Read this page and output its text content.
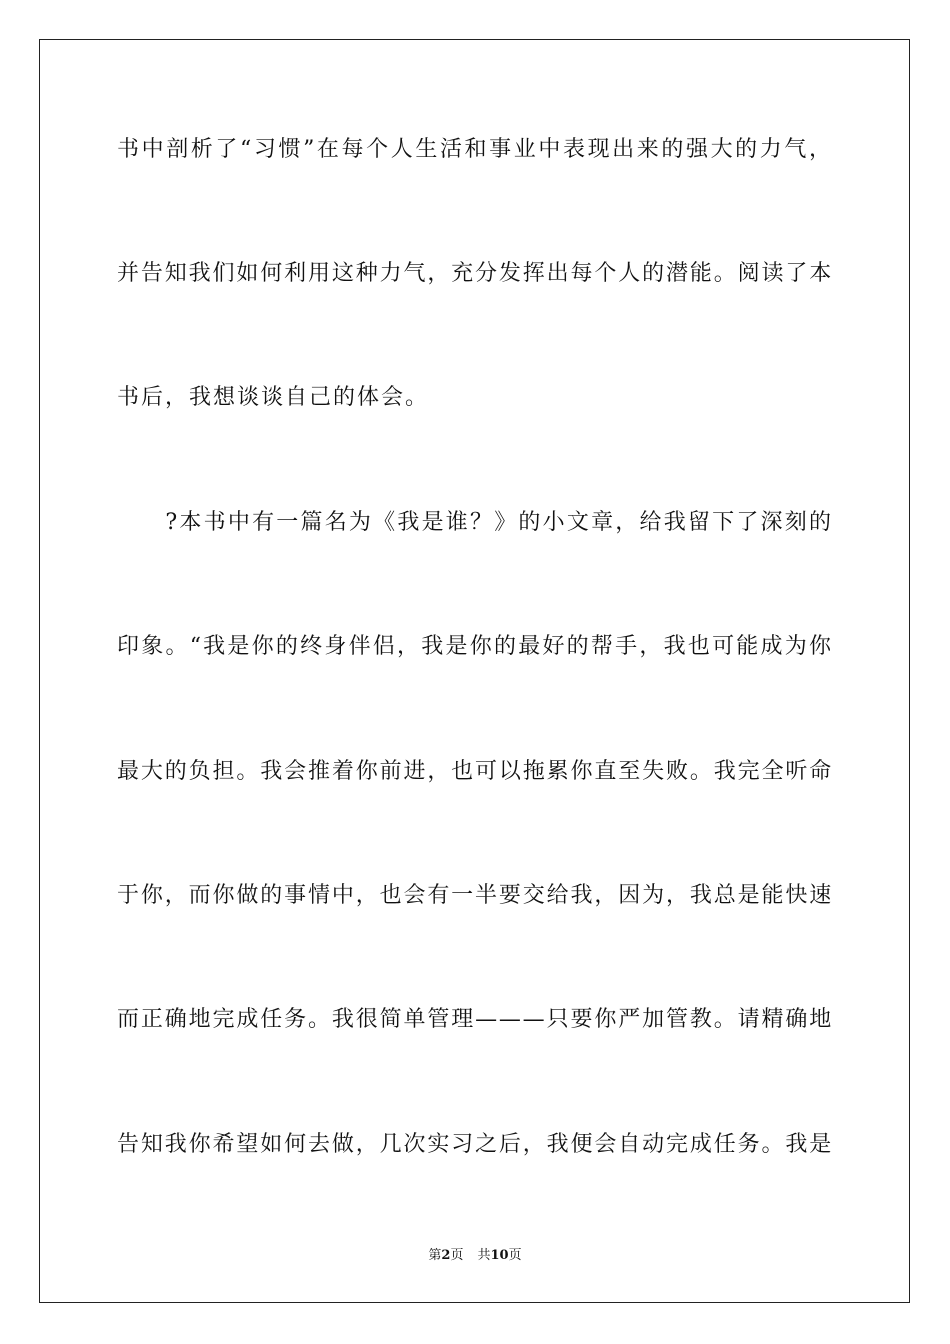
书中剖析了“习惯”在每个人生活和事业中表现出来的强大的力气，
并告知我们如何利用这种力气，充分发挥出每个人的潜能。阅读了本
书后，我想谈谈自己的体会。
　　?本书中有一篇名为《我是谁？》的小文章，给我留下了深刻的
印象。“我是你的终身伴侣，我是你的最好的帮手，我也可能成为你
最大的负担。我会推着你前进，也可以拖累你直至失败。我完全听命
于你，而你做的事情中，也会有一半要交给我，因为，我总是能快速
而正确地完成任务。我很简单管理———只要你严加管教。请精确地
告知我你希望如何去做，几次实习之后，我便会自动完成任务。我是
第2页 共10页
